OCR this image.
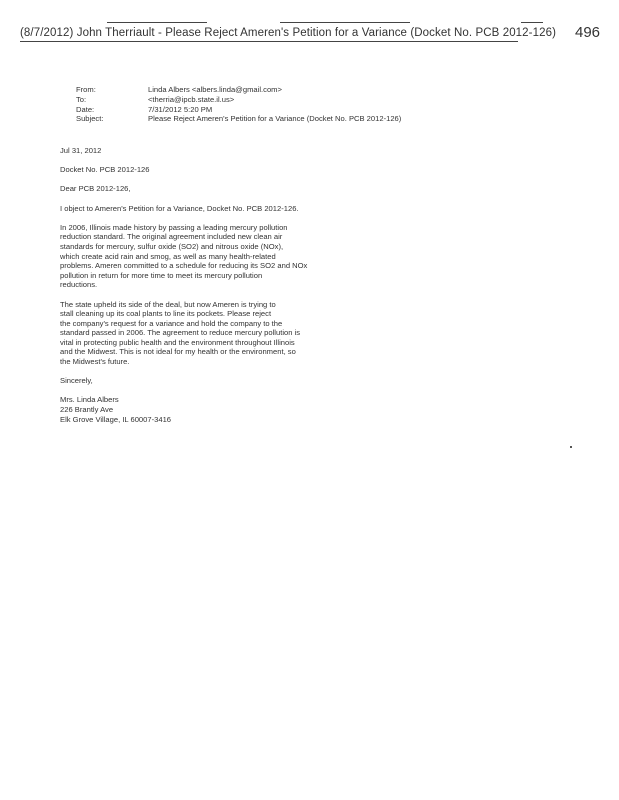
(8/7/2012) John Therriault - Please Reject Ameren's Petition for a Variance (Docket No. PCB 2012-126) 496
From:	Linda Albers <albers.linda@gmail.com>
To:	<therria@ipcb.state.il.us>
Date:	7/31/2012 5:20 PM
Subject:	Please Reject Ameren's Petition for a Variance (Docket No. PCB 2012-126)

Jul 31, 2012

Docket No. PCB 2012-126

Dear PCB 2012-126,

I object to Ameren's Petition for a Variance, Docket No. PCB 2012-126.

In 2006, Illinois made history by passing a leading mercury pollution
reduction standard. The original agreement included new clean air
standards for mercury, sulfur oxide (SO2) and nitrous oxide (NOx),
which create acid rain and smog, as well as many health-related
problems. Ameren committed to a schedule for reducing its SO2 and NOx
pollution in return for more time to meet its mercury pollution
reductions.

The state upheld its side of the deal, but now Ameren is trying to
stall cleaning up its coal plants to line its pockets. Please reject
the company's request for a variance and hold the company to the
standard passed in 2006. The agreement to reduce mercury pollution is
vital in protecting public health and the environment throughout Illinois
and the Midwest. This is not ideal for my health or the environment, so
the Midwest's future.

Sincerely,

Mrs. Linda Albers
226 Brantly Ave
Elk Grove Village, IL 60007-3416
